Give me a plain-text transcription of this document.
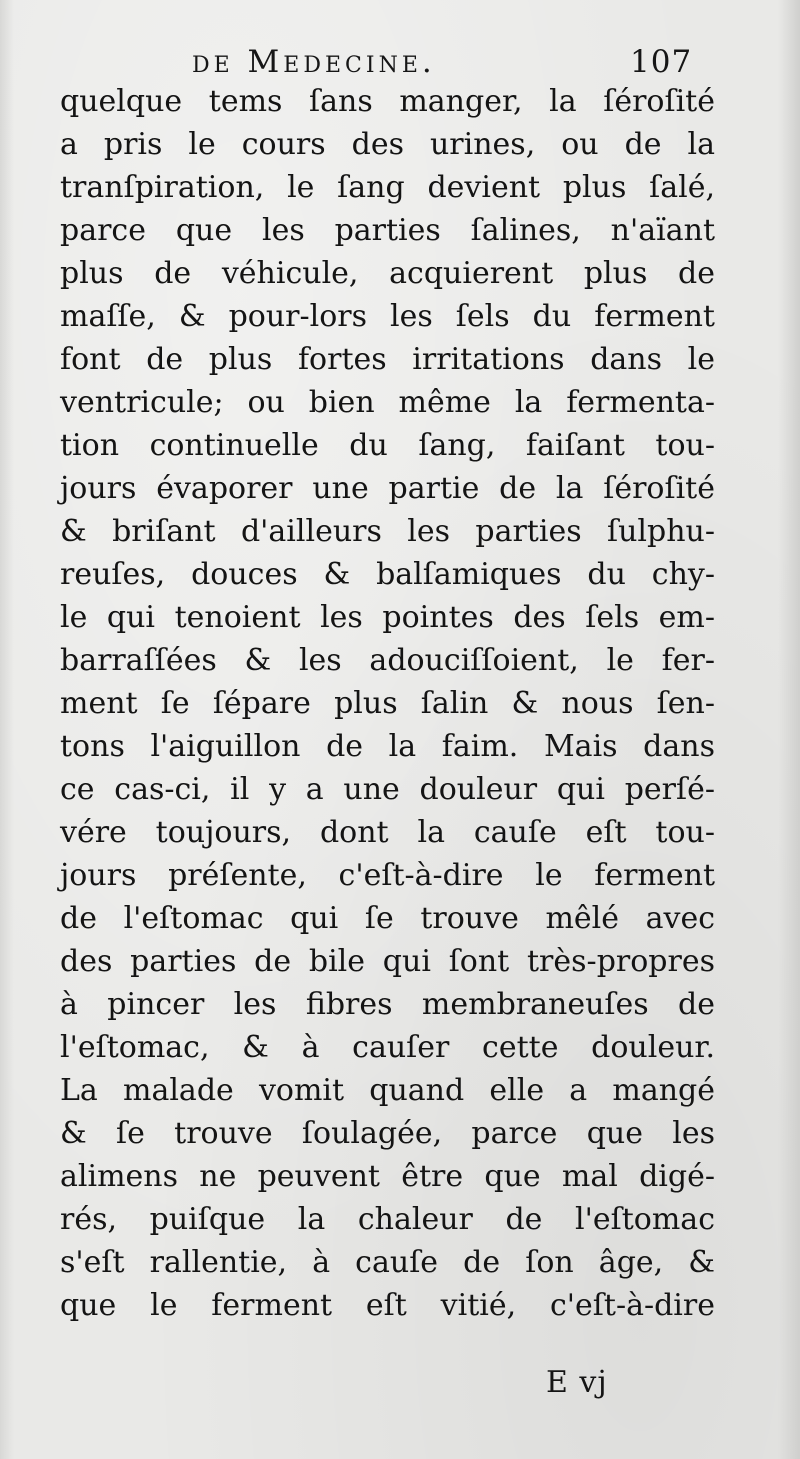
de Medecine.	107
quelque tems ſans manger, la ſéroſité
a pris le cours des urines, ou de la
tranſpiration, le ſang devient plus ſalé,
parce que les parties ſalines, n'aïant
plus de véhicule, acquierent plus de
maſſe, & pour-lors les ſels du ferment
font de plus fortes irritations dans le
ventricule; ou bien même la fermenta-
tion continuelle du ſang, faiſant tou-
jours évaporer une partie de la ſéroſité
& briſant d'ailleurs les parties ſulphu-
reuſes, douces & balſamiques du chy-
le qui tenoient les pointes des ſels em-
barraſſées & les adouciſſoient, le fer-
ment ſe ſépare plus ſalin & nous ſen-
tons l'aiguillon de la faim. Mais dans
ce cas-ci, il y a une douleur qui perſé-
vére toujours, dont la cauſe eſt tou-
jours préſente, c'eſt-à-dire le ferment
de l'eſtomac qui ſe trouve mêlé avec
des parties de bile qui ſont très-propres
à pincer les fibres membraneuſes de
l'eſtomac, & à cauſer cette douleur.
La malade vomit quand elle a mangé
& ſe trouve ſoulagée, parce que les
alimens ne peuvent être que mal digé-
rés, puiſque la chaleur de l'eſtomac
s'eſt rallentie, à cauſe de ſon âge, &
que le ferment eſt vitié, c'eſt-à-dire
E vj
